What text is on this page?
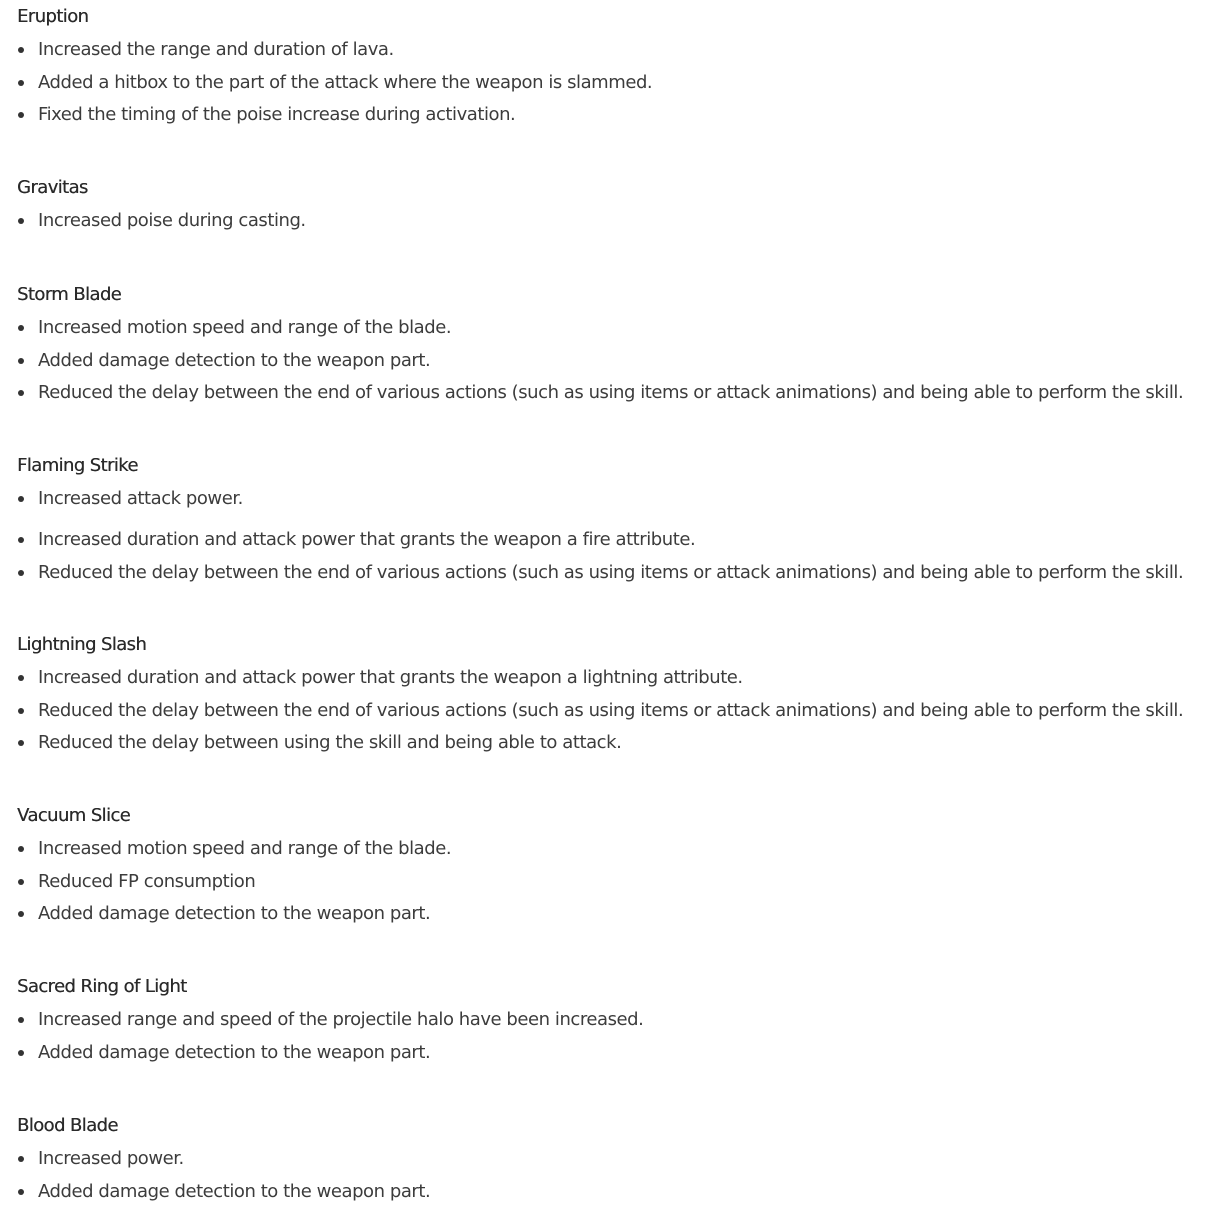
Eruption
Increased the range and duration of lava.
Added a hitbox to the part of the attack where the weapon is slammed.
Fixed the timing of the poise increase during activation.
Gravitas
Increased poise during casting.
Storm Blade
Increased motion speed and range of the blade.
Added damage detection to the weapon part.
Reduced the delay between the end of various actions (such as using items or attack animations) and being able to perform the skill.
Flaming Strike
Increased attack power.
Increased duration and attack power that grants the weapon a fire attribute.
Reduced the delay between the end of various actions (such as using items or attack animations) and being able to perform the skill.
Lightning Slash
Increased duration and attack power that grants the weapon a lightning attribute.
Reduced the delay between the end of various actions (such as using items or attack animations) and being able to perform the skill.
Reduced the delay between using the skill and being able to attack.
Vacuum Slice
Increased motion speed and range of the blade.
Reduced FP consumption
Added damage detection to the weapon part.
Sacred Ring of Light
Increased range and speed of the projectile halo have been increased.
Added damage detection to the weapon part.
Blood Blade
Increased power.
Added damage detection to the weapon part.
